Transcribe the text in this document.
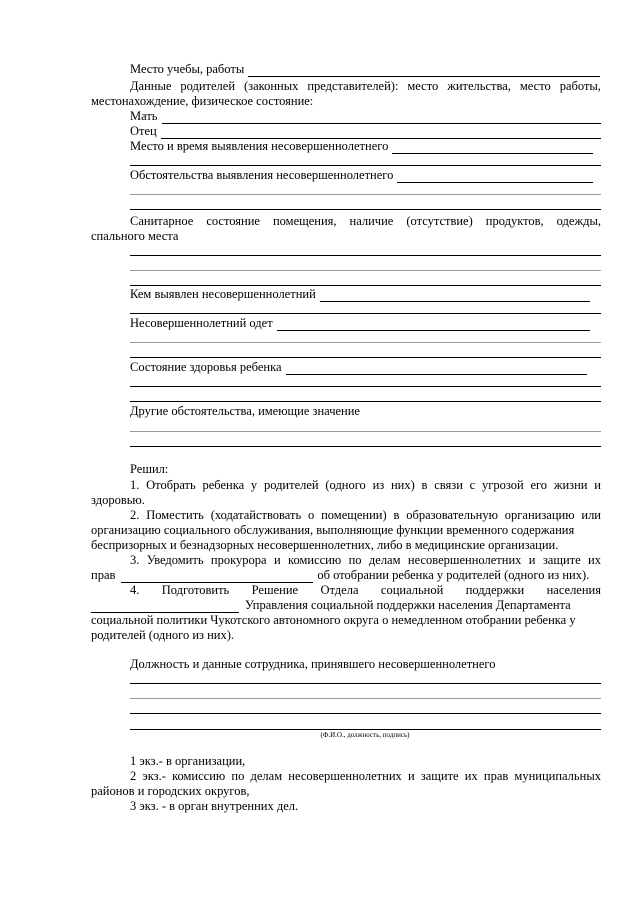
Место учебы, работы
Данные родителей (законных представителей): место жительства, место работы,
местонахождение, физическое состояние:
Мать
Отец
Место и время выявления несовершеннолетнего
Обстоятельства выявления несовершеннолетнего
Санитарное состояние помещения, наличие (отсутствие) продуктов, одежды,
спального места
Кем выявлен несовершеннолетний
Несовершеннолетний одет
Состояние здоровья ребенка
Другие обстоятельства, имеющие значение
Решил:
1. Отобрать ребенка у родителей (одного из них) в связи с угрозой его жизни и
здоровью.
2. Поместить (ходатайствовать о помещении) в образовательную организацию или
организацию социального обслуживания, выполняющие функции временного содержания
беспризорных и безнадзорных несовершеннолетних, либо в медицинские организации.
3. Уведомить прокурора и комиссию по делам несовершеннолетних и защите их
прав	об отобрании ребенка у родителей (одного из них).
4. Подготовить Решение Отдела социальной поддержки населения
Управления социальной поддержки населения Департамента
социальной политики Чукотского автономного округа о немедленном отобрании ребенка у
родителей (одного из них).
Должность и данные сотрудника, принявшего несовершеннолетнего
(Ф.И.О., должность, подпись)
1 экз.- в организации,
2 экз.- комиссию по делам несовершеннолетних и защите их прав муниципальных
районов и городских округов,
3 экз. - в орган внутренних дел.
